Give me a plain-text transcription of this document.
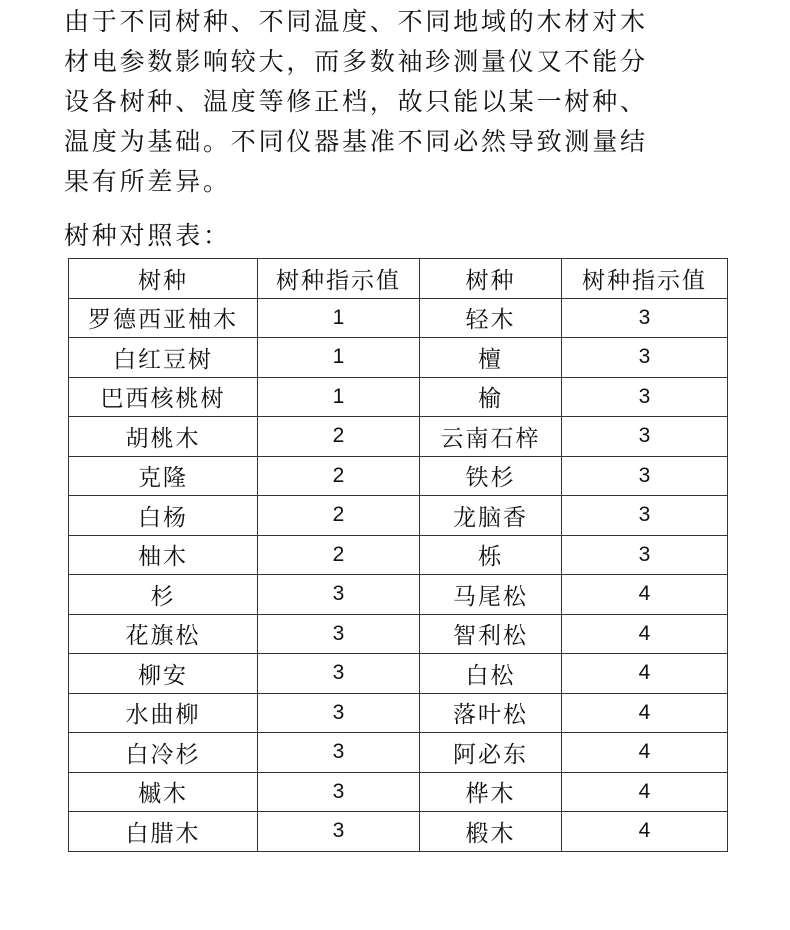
由于不同树种、不同温度、不同地域的木材对木
材电参数影响较大，而多数袖珍测量仪又不能分
设各树种、温度等修正档，故只能以某一树种、
温度为基础。不同仪器基准不同必然导致测量结
果有所差异。
树种对照表：
树种	树种指示值	树种	树种指示值
罗德西亚柚木	1	轻木	3
白红豆树	1	檀	3
巴西核桃树	1	榆	3
胡桃木	2	云南石梓	3
克隆	2	铁杉	3
白杨	2	龙脑香	3
柚木	2	栎	3
杉	3	马尾松	4
花旗松	3	智利松	4
柳安	3	白松	4
水曲柳	3	落叶松	4
白冷杉	3	阿必东	4
槭木	3	桦木	4
白腊木	3	椴木	4
